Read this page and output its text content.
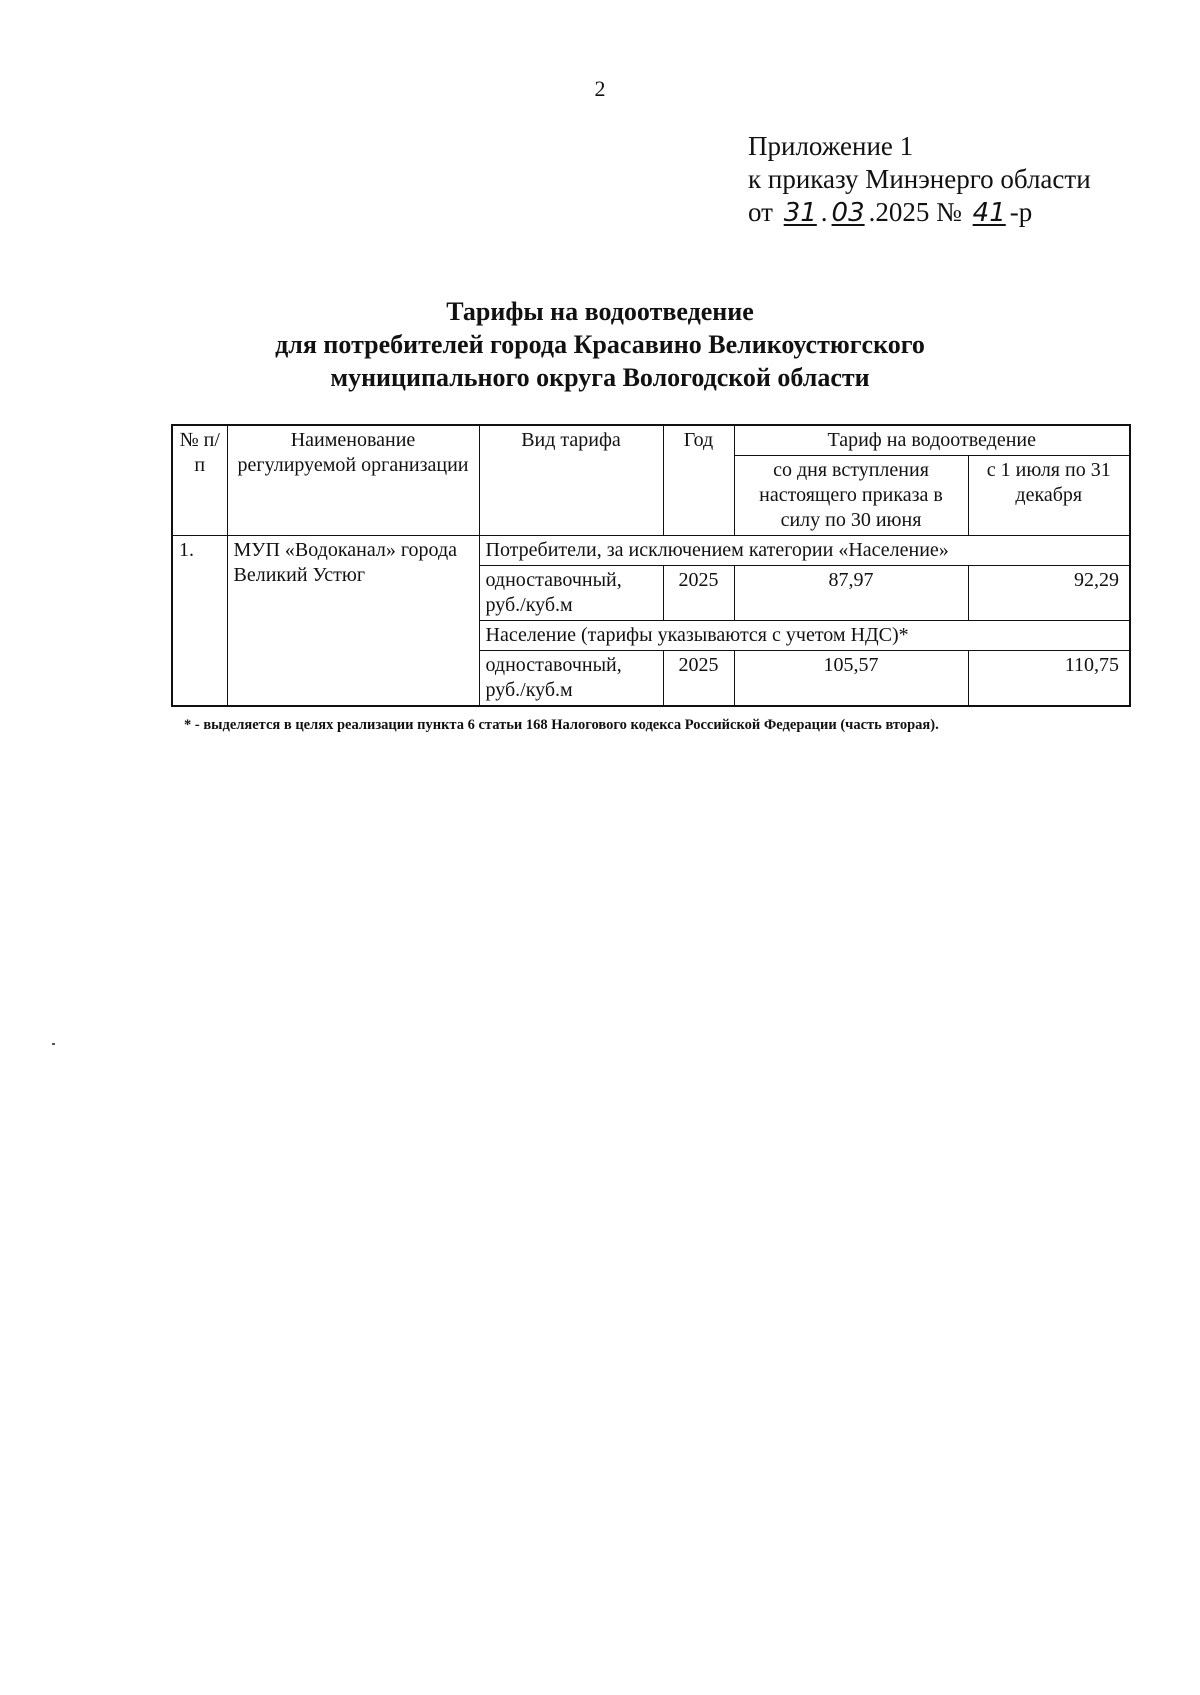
2
Приложение 1
к приказу Минэнерго области
от 31 . 03 .2025 № 41 -р
Тарифы на водоотведение
для потребителей города Красавино Великоустюгского
муниципального округа Вологодской области
№ п/п	Наименование регулируемой организации	Вид тарифа	Год	Тариф на водоотведение	
				со дня вступления настоящего приказа в силу по 30 июня	с 1 июля по 31 декабря
1.	МУП «Водоканал» города Великий Устюг	Потребители, за исключением категории «Население»			
		одноставочный, руб./куб.м	2025	87,97	92,29
		Население (тарифы указываются с учетом НДС)*			
		одноставочный, руб./куб.м	2025	105,57	110,75
* - выделяется в целях реализации пункта 6 статьи 168 Налогового кодекса Российской Федерации (часть вторая).
